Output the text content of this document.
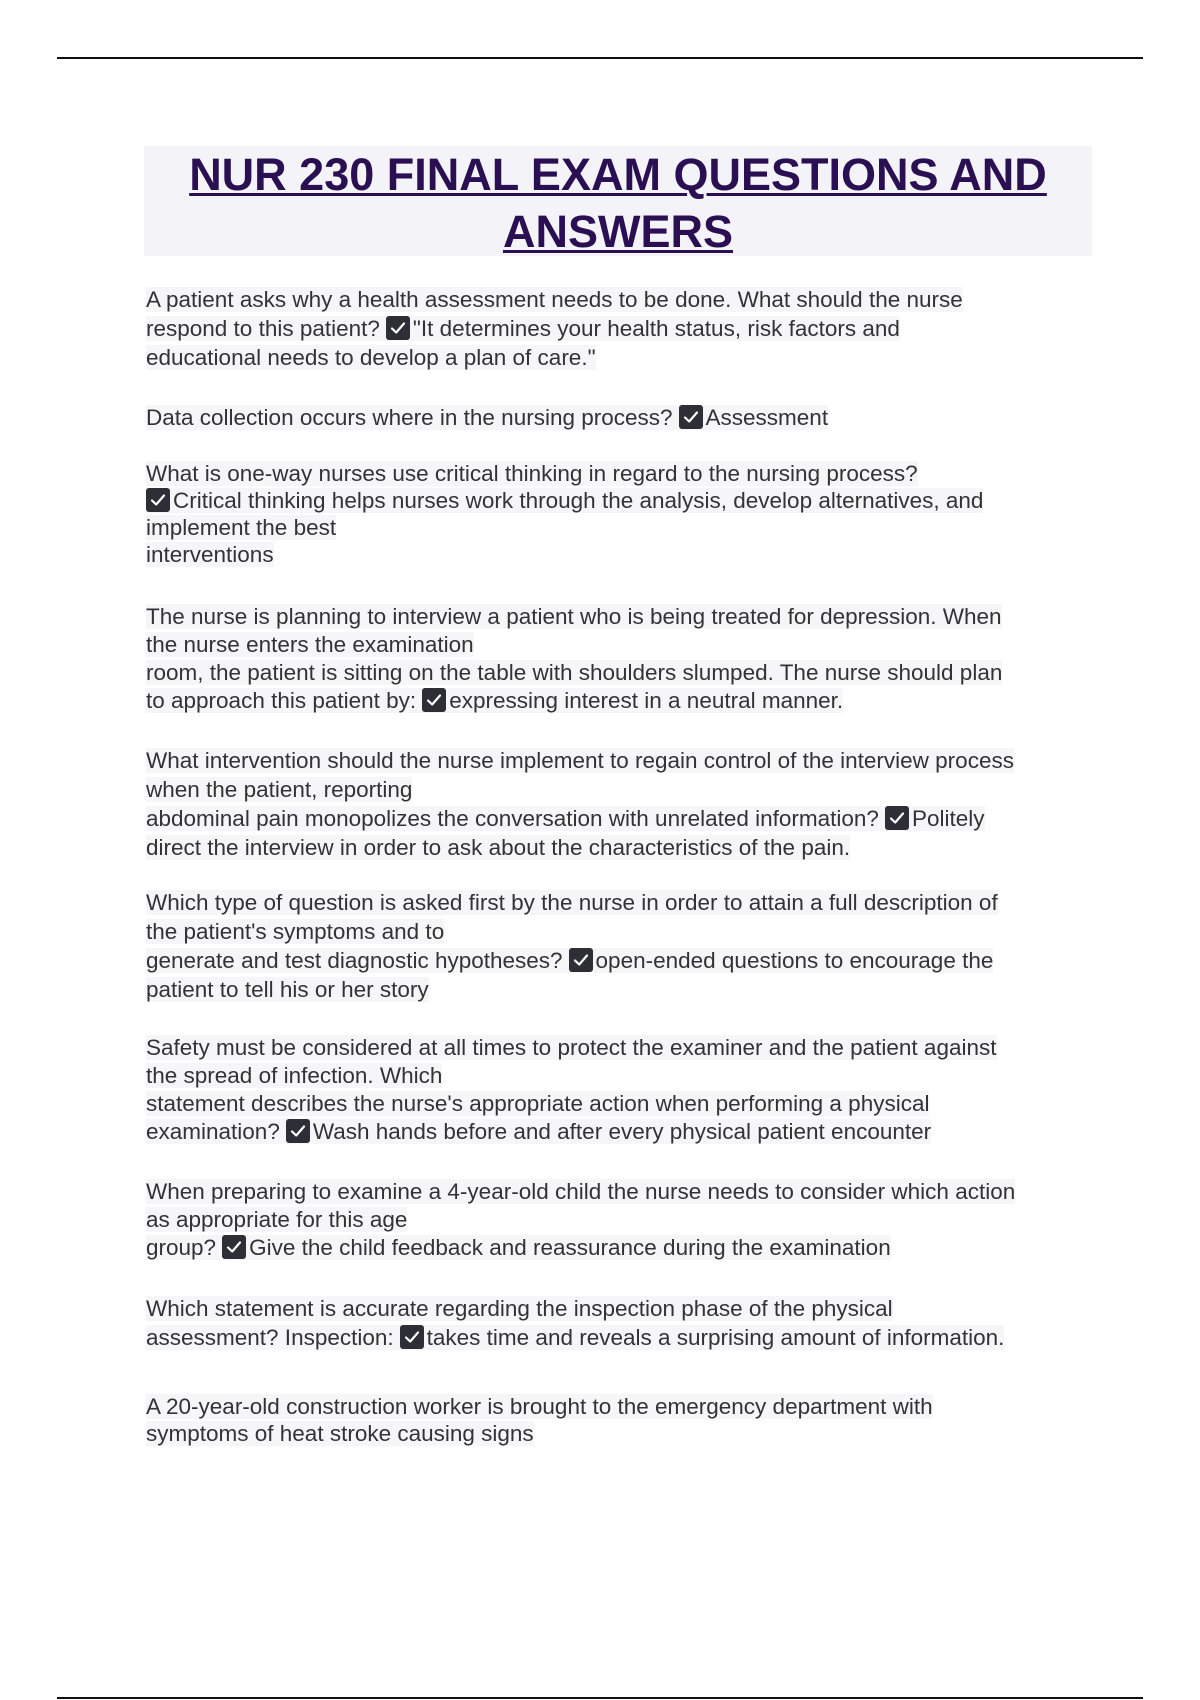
NUR 230 FINAL EXAM QUESTIONS AND
ANSWERS
A patient asks why a health assessment needs to be done. What should the nurse
respond to this patient? "It determines your health status, risk factors and
educational needs to develop a plan of care."
Data collection occurs where in the nursing process? Assessment
What is one-way nurses use critical thinking in regard to the nursing process?
Critical thinking helps nurses work through the analysis, develop alternatives, and
implement the best
interventions
The nurse is planning to interview a patient who is being treated for depression. When
the nurse enters the examination
room, the patient is sitting on the table with shoulders slumped. The nurse should plan
to approach this patient by: expressing interest in a neutral manner.
What intervention should the nurse implement to regain control of the interview process
when the patient, reporting
abdominal pain monopolizes the conversation with unrelated information? Politely
direct the interview in order to ask about the characteristics of the pain.
Which type of question is asked first by the nurse in order to attain a full description of
the patient's symptoms and to
generate and test diagnostic hypotheses? open-ended questions to encourage the
patient to tell his or her story
Safety must be considered at all times to protect the examiner and the patient against
the spread of infection. Which
statement describes the nurse's appropriate action when performing a physical
examination? Wash hands before and after every physical patient encounter
When preparing to examine a 4-year-old child the nurse needs to consider which action
as appropriate for this age
group? Give the child feedback and reassurance during the examination
Which statement is accurate regarding the inspection phase of the physical
assessment? Inspection: takes time and reveals a surprising amount of information.
A 20-year-old construction worker is brought to the emergency department with
symptoms of heat stroke causing signs
